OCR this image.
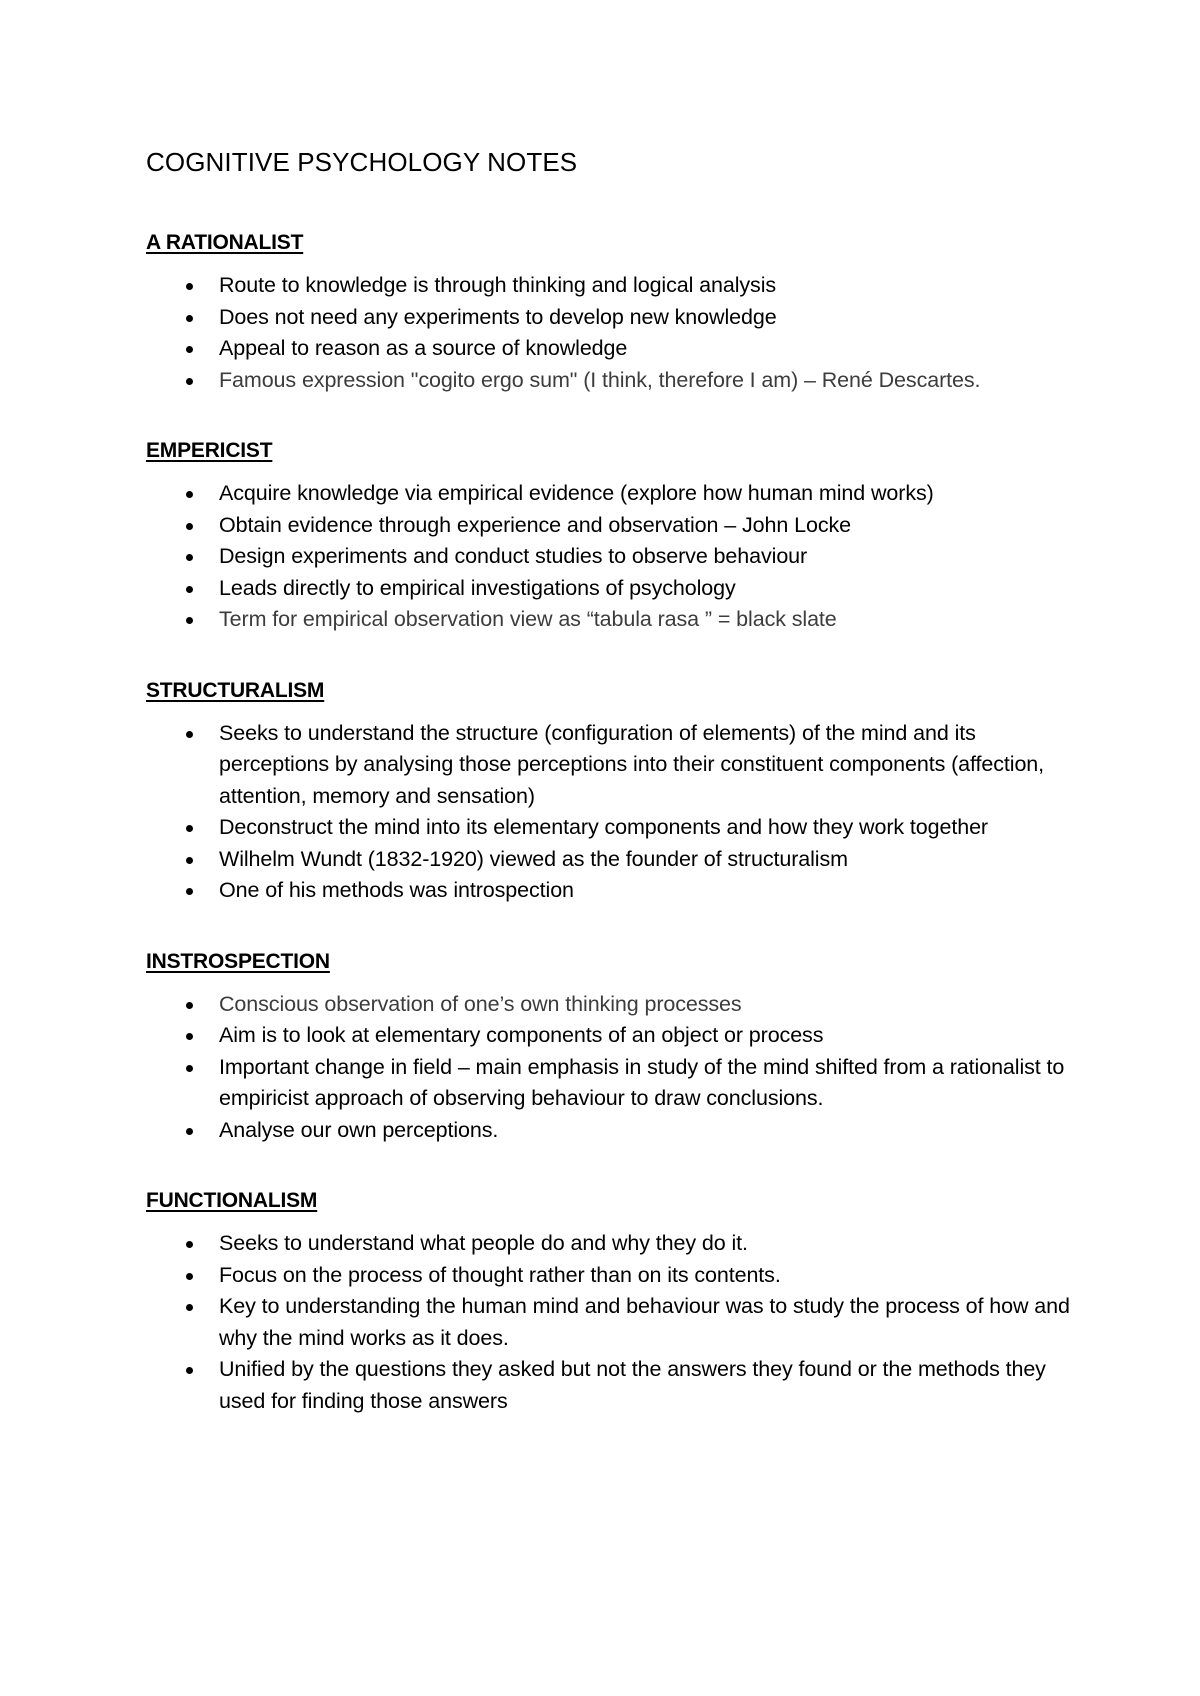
COGNITIVE PSYCHOLOGY NOTES
A RATIONALIST
Route to knowledge is through thinking and logical analysis
Does not need any experiments to develop new knowledge
Appeal to reason as a source of knowledge
Famous expression "cogito ergo sum" (I think, therefore I am) – René Descartes.
EMPERICIST
Acquire knowledge via empirical evidence (explore how human mind works)
Obtain evidence through experience and observation – John Locke
Design experiments and conduct studies to observe behaviour
Leads directly to empirical investigations of psychology
Term for empirical observation view as “tabula rasa ” = black slate
STRUCTURALISM
Seeks to understand the structure (configuration of elements) of the mind and its perceptions by analysing those perceptions into their constituent components (affection, attention, memory and sensation)
Deconstruct the mind into its elementary components and how they work together
Wilhelm Wundt (1832-1920) viewed as the founder of structuralism
One of his methods was introspection
INSTROSPECTION
Conscious observation of one’s own thinking processes
Aim is to look at elementary components of an object or process
Important change in field – main emphasis in study of the mind shifted from a rationalist to empiricist approach of observing behaviour to draw conclusions.
Analyse our own perceptions.
FUNCTIONALISM
Seeks to understand what people do and why they do it.
Focus on the process of thought rather than on its contents.
Key to understanding the human mind and behaviour was to study the process of how and why the mind works as it does.
Unified by the questions they asked but not the answers they found or the methods they used for finding those answers
